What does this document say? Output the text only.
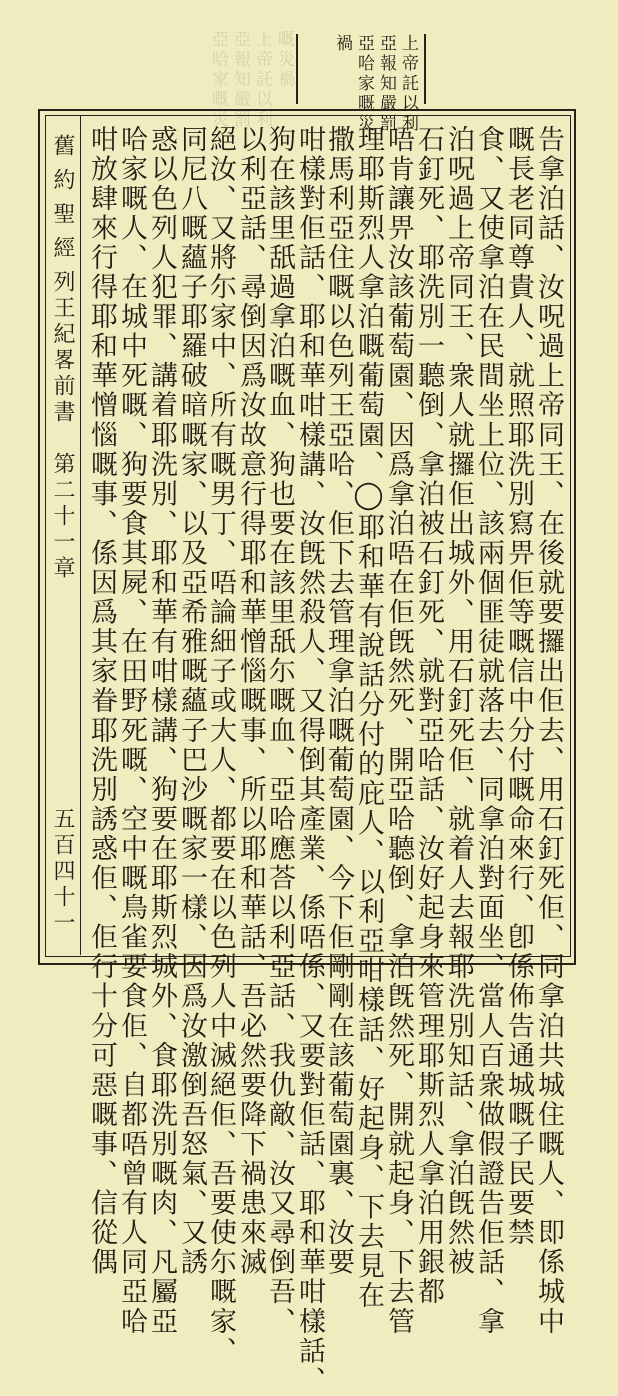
上帝託以利
亞報知嚴罰
亞哈家嘅災
禍
嘅災禍
上帝託以利
亞報知嚴罰
亞哈家嘅災
舊約聖經
列王紀畧前書　第二十一章
五百四十一	告拿泊話、汝呪過上帝同王、在後就要攞出佢去、用石釘死佢、同拿泊共城住嘅人、即係城中
嘅長老同尊貴人、就照耶洗別寫畀佢等嘅信中分付嘅命來行、卽係佈告通城嘅子民要禁
食、又使拿泊在民間坐上位、該兩個匪徒就落去、同拿泊對面坐、當人百衆做假證告佢話、拿
泊呪過上帝同王、衆人就攞佢出城外、用石釘死佢、就着人去報耶洗別知話、拿泊旣然被
石釘死、耶洗別一聽倒、拿泊被石釘死、就對亞哈話、汝好起身來管理耶斯烈人拿泊用銀都
唔肯讓畀汝該葡萄園、因爲拿泊唔在佢旣然死、開亞哈聽倒、拿泊旣然死、開就起身、下去管
理耶斯烈人拿泊嘅葡萄園、◯耶和華有說話分付的庇人、以利亞咁樣話、好起身、下去見在
撒馬利亞住嘅以色列王亞哈、佢下去管理拿泊嘅葡萄園、今下佢剛剛在該葡萄園裏、汝要
咁樣對佢話、耶和華咁樣講、汝旣然殺人、又得倒其產業、係唔係、又要對佢話、耶和華咁樣話、
狗在該里舐過拿泊嘅血、狗也要在該里舐尓嘅血、亞哈應荅以利亞話、我仇敵、汝又尋倒吾、
以利亞話、尋倒因爲汝故意行得耶和華憎惱嘅事、所以耶和華話、吾必然要降下禍患來滅
絕汝、又將尓家中、所有嘅男丁、唔論細子或大人、都要在以色列人中滅絕佢、吾要使尓嘅家、
同尼八嘅蘊子耶羅破暗嘅家、以及亞希雅嘅蘊子巴沙嘅家一樣、因爲汝激倒吾怒氣、又誘
惑以色列人犯罪、講着耶洗別、耶和華有咁樣講、狗要在耶斯烈城外、食耶洗別嘅肉、凡屬亞
哈家嘅人、在城中死嘅、狗要食其屍、在田野死嘅、空中嘅鳥雀要食佢、自都唔曾有人同亞哈
咁放肆來行得耶和華憎惱嘅事、係因爲其家眷耶洗別誘惑佢、佢行十分可惡嘅事、信從偶
